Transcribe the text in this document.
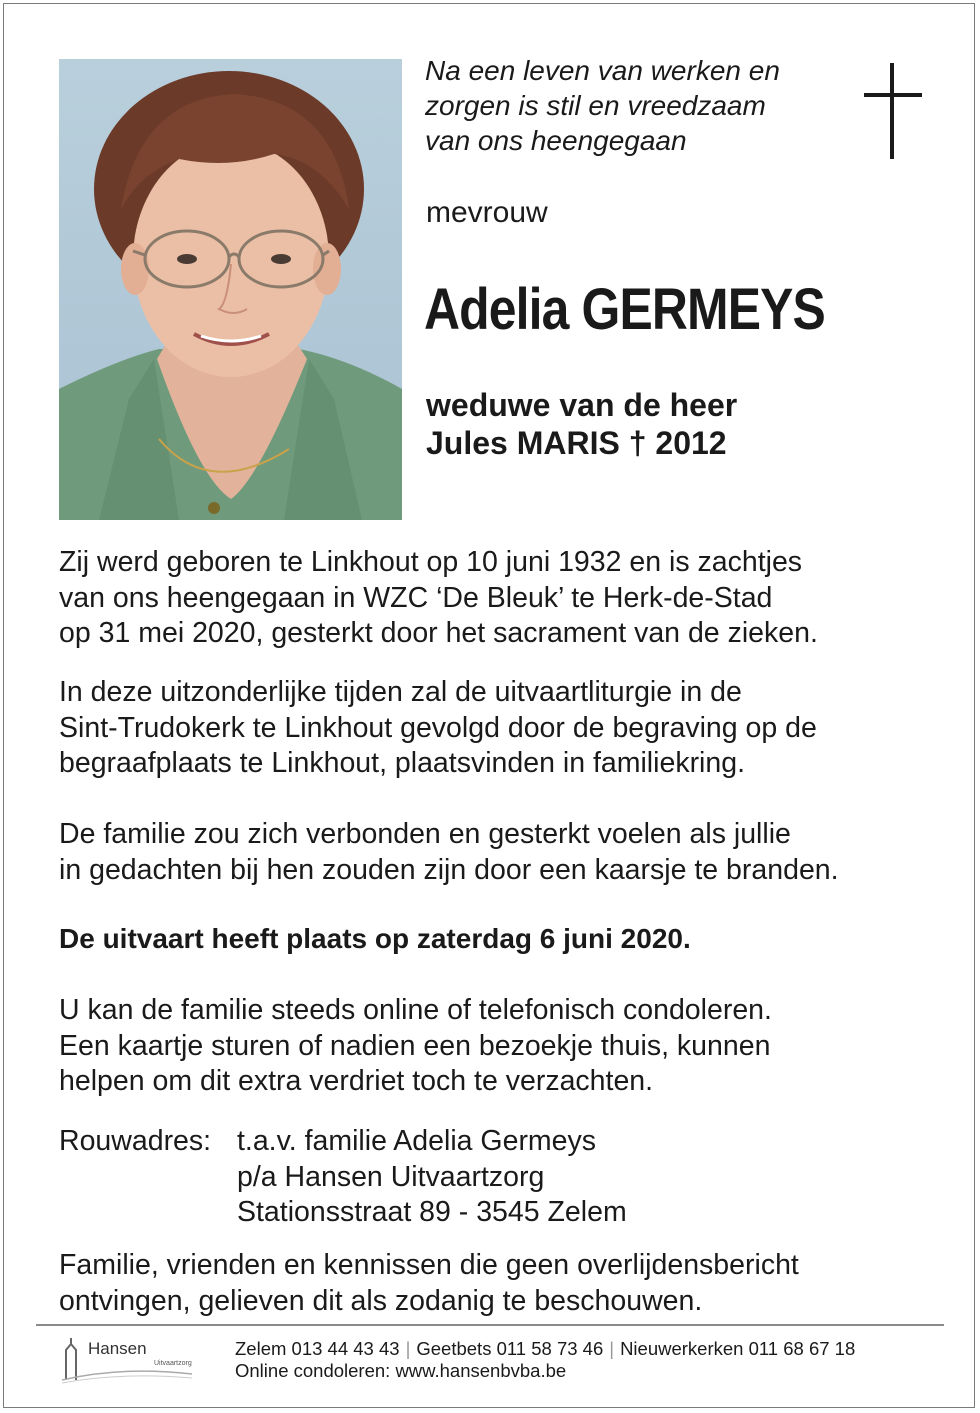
Na een leven van werken en
zorgen is stil en vreedzaam
van ons heengegaan
mevrouw
Adelia GERMEYS
weduwe van de heer
Jules MARIS † 2012
Zij werd geboren te Linkhout op 10 juni 1932 en is zachtjes
van ons heengegaan in WZC ‘De Bleuk’ te Herk-de-Stad
op 31 mei 2020, gesterkt door het sacrament van de zieken.
In deze uitzonderlijke tijden zal de uitvaartliturgie in de
Sint-Trudokerk te Linkhout gevolgd door de begraving op de
begraafplaats te Linkhout, plaatsvinden in familiekring.
De familie zou zich verbonden en gesterkt voelen als jullie
in gedachten bij hen zouden zijn door een kaarsje te branden.
De uitvaart heeft plaats op zaterdag 6 juni 2020.
U kan de familie steeds online of telefonisch condoleren.
Een kaartje sturen of nadien een bezoekje thuis, kunnen
helpen om dit extra verdriet toch te verzachten.
Rouwadres: t.a.v. familie Adelia Germeys
p/a Hansen Uitvaartzorg
Stationsstraat 89 - 3545 Zelem
Familie, vrienden en kennissen die geen overlijdensbericht
ontvingen, gelieven dit als zodanig te beschouwen.
Hansen
Uitvaartzorg
Zelem 013 44 43 43 | Geetbets 011 58 73 46 | Nieuwerkerken 011 68 67 18
Online condoleren: www.hansenbvba.be
